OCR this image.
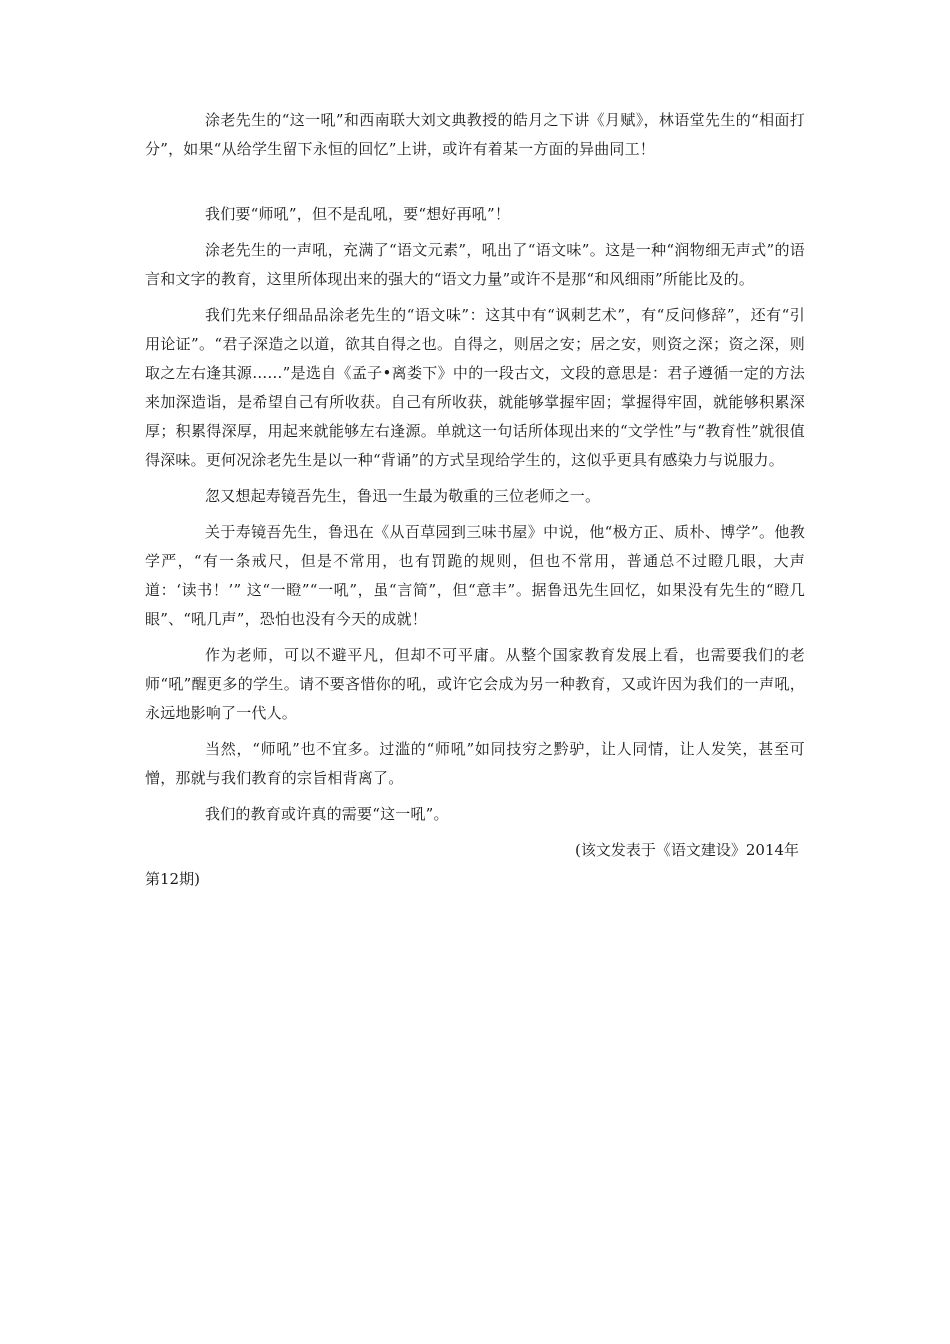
涂老先生的“这一吼”和西南联大刘文典教授的皓月之下讲《月赋》，林语堂先生的“相面打分”，如果“从给学生留下永恒的回忆”上讲，或许有着某一方面的异曲同工！

我们要“师吼”，但不是乱吼，要“想好再吼”！

涂老先生的一声吼，充满了“语文元素”，吼出了“语文味”。这是一种“润物细无声式”的语言和文字的教育，这里所体现出来的强大的“语文力量”或许不是那“和风细雨”所能比及的。

我们先来仔细品品涂老先生的“语文味”：这其中有“讽刺艺术”，有“反问修辞”，还有“引用论证”。“君子深造之以道，欲其自得之也。自得之，则居之安；居之安，则资之深；资之深，则取之左右逢其源……”是选自《孟子•离娄下》中的一段古文，文段的意思是：君子遵循一定的方法来加深造诣，是希望自己有所收获。自己有所收获，就能够掌握牢固；掌握得牢固，就能够积累深厚；积累得深厚，用起来就能够左右逢源。单就这一句话所体现出来的“文学性”与“教育性”就很值得深味。更何况涂老先生是以一种“背诵”的方式呈现给学生的，这似乎更具有感染力与说服力。

忽又想起寿镜吾先生，鲁迅一生最为敬重的三位老师之一。

关于寿镜吾先生，鲁迅在《从百草园到三味书屋》中说，他“极方正、质朴、博学”。他教学严，“有一条戒尺，但是不常用，也有罚跪的规则，但也不常用，普通总不过瞪几眼，大声道：‘读书！’” 这“一瞪”“一吼”，虽“言简”，但“意丰”。据鲁迅先生回忆，如果没有先生的“瞪几眼”、“吼几声”，恐怕也没有今天的成就！

作为老师，可以不避平凡，但却不可平庸。从整个国家教育发展上看，也需要我们的老师“吼”醒更多的学生。请不要吝惜你的吼，或许它会成为另一种教育，又或许因为我们的一声吼，永远地影响了一代人。

当然，“师吼”也不宜多。过滥的“师吼”如同技穷之黔驴，让人同情，让人发笑，甚至可憎，那就与我们教育的宗旨相背离了。

我们的教育或许真的需要“这一吼”。

(该文发表于《语文建设》2014年第12期)
